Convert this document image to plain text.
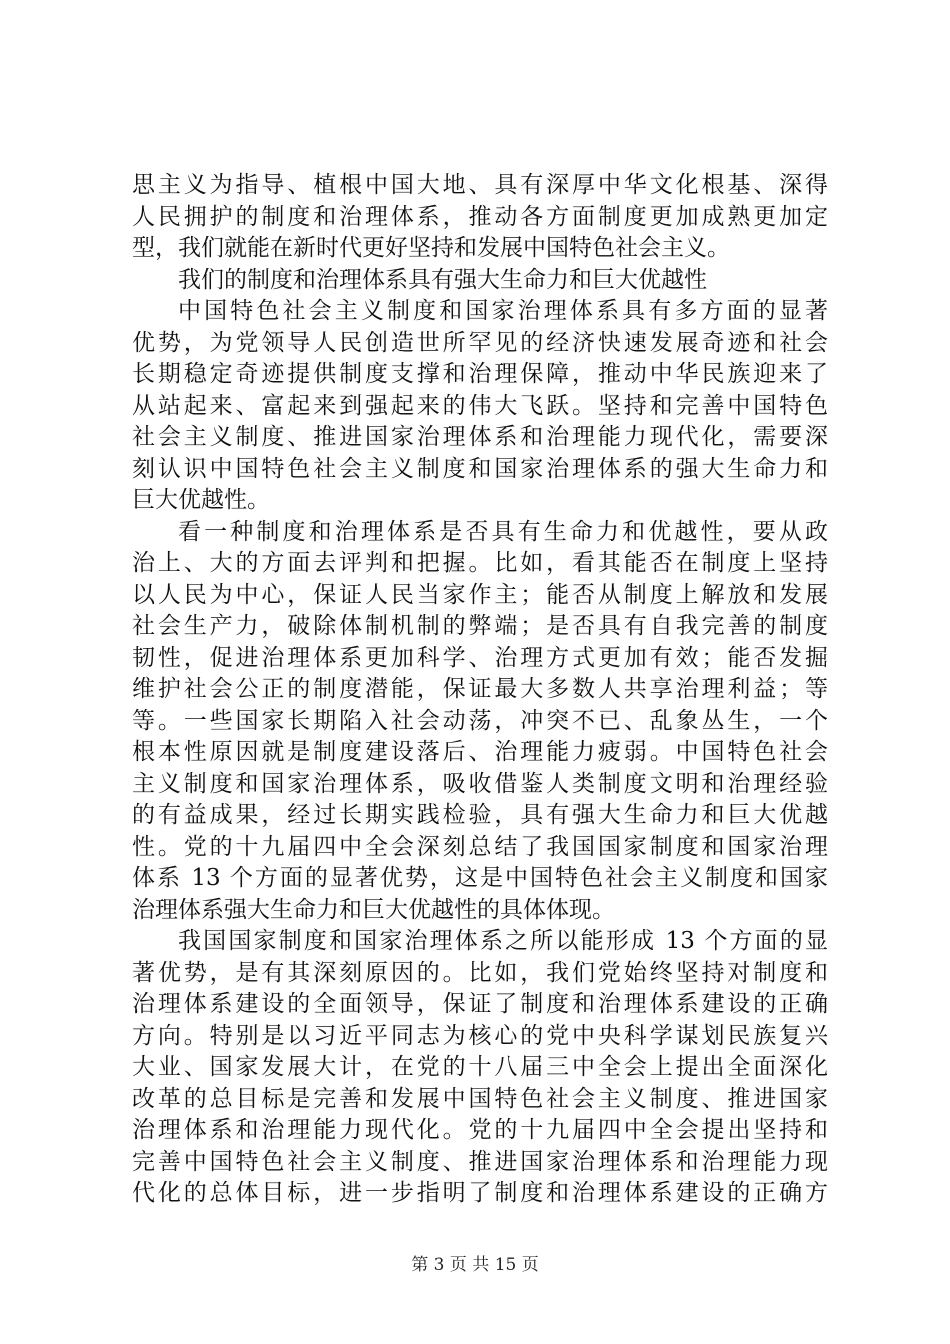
思主义为指导、植根中国大地、具有深厚中华文化根基、深得
人民拥护的制度和治理体系，推动各方面制度更加成熟更加定
型，我们就能在新时代更好坚持和发展中国特色社会主义。
我们的制度和治理体系具有强大生命力和巨大优越性
中国特色社会主义制度和国家治理体系具有多方面的显著
优势，为党领导人民创造世所罕见的经济快速发展奇迹和社会
长期稳定奇迹提供制度支撑和治理保障，推动中华民族迎来了
从站起来、富起来到强起来的伟大飞跃。坚持和完善中国特色
社会主义制度、推进国家治理体系和治理能力现代化，需要深
刻认识中国特色社会主义制度和国家治理体系的强大生命力和
巨大优越性。
看一种制度和治理体系是否具有生命力和优越性，要从政
治上、大的方面去评判和把握。比如，看其能否在制度上坚持
以人民为中心，保证人民当家作主；能否从制度上解放和发展
社会生产力，破除体制机制的弊端；是否具有自我完善的制度
韧性，促进治理体系更加科学、治理方式更加有效；能否发掘
维护社会公正的制度潜能，保证最大多数人共享治理利益；等
等。一些国家长期陷入社会动荡，冲突不已、乱象丛生，一个
根本性原因就是制度建设落后、治理能力疲弱。中国特色社会
主义制度和国家治理体系，吸收借鉴人类制度文明和治理经验
的有益成果，经过长期实践检验，具有强大生命力和巨大优越
性。党的十九届四中全会深刻总结了我国国家制度和国家治理
体系 13 个方面的显著优势，这是中国特色社会主义制度和国家
治理体系强大生命力和巨大优越性的具体体现。
我国国家制度和国家治理体系之所以能形成 13 个方面的显
著优势，是有其深刻原因的。比如，我们党始终坚持对制度和
治理体系建设的全面领导，保证了制度和治理体系建设的正确
方向。特别是以习近平同志为核心的党中央科学谋划民族复兴
大业、国家发展大计，在党的十八届三中全会上提出全面深化
改革的总目标是完善和发展中国特色社会主义制度、推进国家
治理体系和治理能力现代化。党的十九届四中全会提出坚持和
完善中国特色社会主义制度、推进国家治理体系和治理能力现
代化的总体目标，进一步指明了制度和治理体系建设的正确方
第 3 页 共 15 页
